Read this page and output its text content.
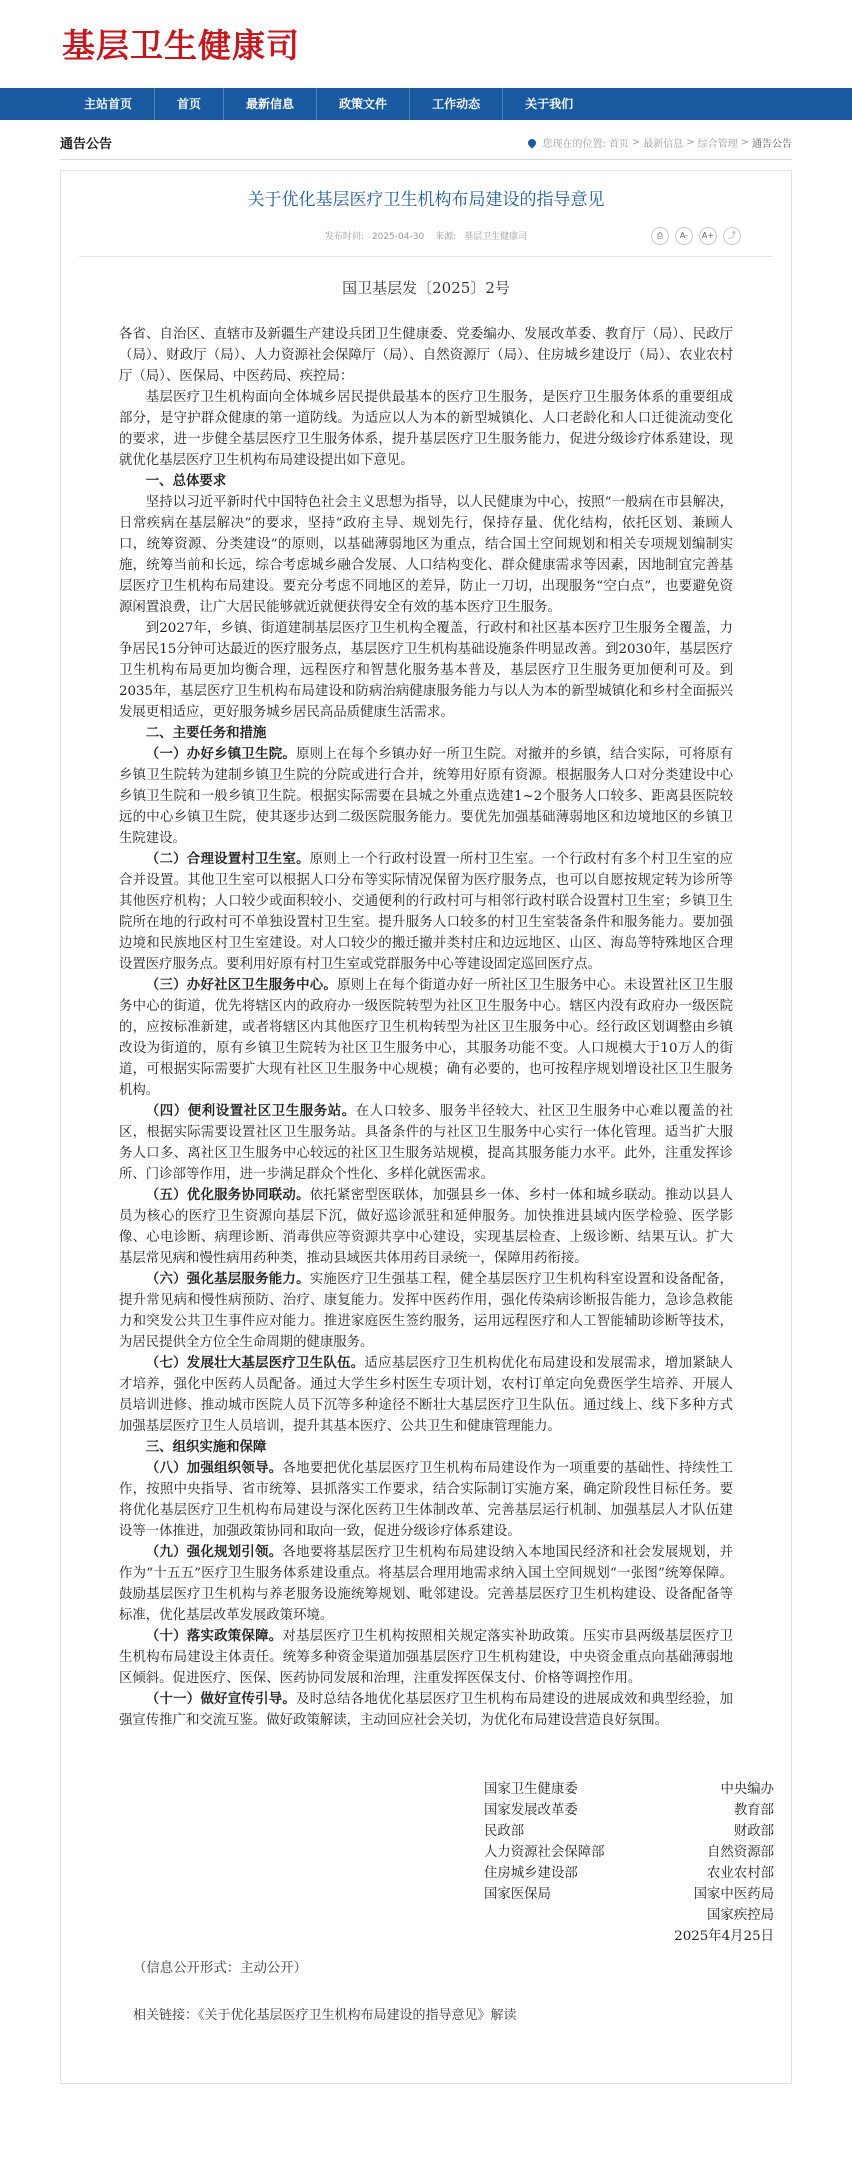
基层卫生健康司
主站首页	首页	最新信息	政策文件	工作动态	关于我们
通告公告	您现在的位置: 首页 > 最新信息 > 综合管理 > 通告公告
关于优化基层医疗卫生机构布局建设的指导意见
发布时间: 2025-04-30 来源: 基层卫生健康司	⎙	A-	A+	⤴
国卫基层发〔2025〕2号

各省、自治区、直辖市及新疆生产建设兵团卫生健康委、党委编办、发展改革委、教育厅（局）、民政厅（局）、财政厅（局）、人力资源社会保障厅（局）、自然资源厅（局）、住房城乡建设厅（局）、农业农村厅（局）、医保局、中医药局、疾控局：

基层医疗卫生机构面向全体城乡居民提供最基本的医疗卫生服务，是医疗卫生服务体系的重要组成部分，是守护群众健康的第一道防线。为适应以人为本的新型城镇化、人口老龄化和人口迁徙流动变化的要求，进一步健全基层医疗卫生服务体系，提升基层医疗卫生服务能力，促进分级诊疗体系建设，现就优化基层医疗卫生机构布局建设提出如下意见。

一、总体要求

坚持以习近平新时代中国特色社会主义思想为指导，以人民健康为中心，按照“一般病在市县解决，日常疾病在基层解决”的要求，坚持“政府主导、规划先行，保持存量、优化结构，依托区划、兼顾人口，统筹资源、分类建设”的原则，以基础薄弱地区为重点，结合国土空间规划和相关专项规划编制实施，统筹当前和长远，综合考虑城乡融合发展、人口结构变化、群众健康需求等因素，因地制宜完善基层医疗卫生机构布局建设。要充分考虑不同地区的差异，防止一刀切，出现服务“空白点”，也要避免资源闲置浪费，让广大居民能够就近就便获得安全有效的基本医疗卫生服务。

到2027年，乡镇、街道建制基层医疗卫生机构全覆盖，行政村和社区基本医疗卫生服务全覆盖，力争居民15分钟可达最近的医疗服务点，基层医疗卫生机构基础设施条件明显改善。到2030年，基层医疗卫生机构布局更加均衡合理，远程医疗和智慧化服务基本普及，基层医疗卫生服务更加便利可及。到2035年，基层医疗卫生机构布局建设和防病治病健康服务能力与以人为本的新型城镇化和乡村全面振兴发展更相适应，更好服务城乡居民高品质健康生活需求。

二、主要任务和措施

（一）办好乡镇卫生院。原则上在每个乡镇办好一所卫生院。对撤并的乡镇，结合实际，可将原有乡镇卫生院转为建制乡镇卫生院的分院或进行合并，统筹用好原有资源。根据服务人口对分类建设中心乡镇卫生院和一般乡镇卫生院。根据实际需要在县城之外重点选建1~2个服务人口较多、距离县医院较远的中心乡镇卫生院，使其逐步达到二级医院服务能力。要优先加强基础薄弱地区和边境地区的乡镇卫生院建设。

（二）合理设置村卫生室。原则上一个行政村设置一所村卫生室。一个行政村有多个村卫生室的应合并设置。其他卫生室可以根据人口分布等实际情况保留为医疗服务点，也可以自愿按规定转为诊所等其他医疗机构；人口较少或面积较小、交通便利的行政村可与相邻行政村联合设置村卫生室；乡镇卫生院所在地的行政村可不单独设置村卫生室。提升服务人口较多的村卫生室装备条件和服务能力。要加强边境和民族地区村卫生室建设。对人口较少的搬迁撤并类村庄和边远地区、山区、海岛等特殊地区合理设置医疗服务点。要利用好原有村卫生室或党群服务中心等建设固定巡回医疗点。

（三）办好社区卫生服务中心。原则上在每个街道办好一所社区卫生服务中心。未设置社区卫生服务中心的街道，优先将辖区内的政府办一级医院转型为社区卫生服务中心。辖区内没有政府办一级医院的，应按标准新建，或者将辖区内其他医疗卫生机构转型为社区卫生服务中心。经行政区划调整由乡镇改设为街道的，原有乡镇卫生院转为社区卫生服务中心，其服务功能不变。人口规模大于10万人的街道，可根据实际需要扩大现有社区卫生服务中心规模；确有必要的，也可按程序规划增设社区卫生服务机构。

（四）便利设置社区卫生服务站。在人口较多、服务半径较大、社区卫生服务中心难以覆盖的社区，根据实际需要设置社区卫生服务站。具备条件的与社区卫生服务中心实行一体化管理。适当扩大服务人口多、离社区卫生服务中心较远的社区卫生服务站规模，提高其服务能力水平。此外，注重发挥诊所、门诊部等作用，进一步满足群众个性化、多样化就医需求。

（五）优化服务协同联动。依托紧密型医联体，加强县乡一体、乡村一体和城乡联动。推动以县人员为核心的医疗卫生资源向基层下沉，做好巡诊派驻和延伸服务。加快推进县域内医学检验、医学影像、心电诊断、病理诊断、消毒供应等资源共享中心建设，实现基层检查、上级诊断、结果互认。扩大基层常见病和慢性病用药种类，推动县域医共体用药目录统一，保障用药衔接。

（六）强化基层服务能力。实施医疗卫生强基工程，健全基层医疗卫生机构科室设置和设备配备，提升常见病和慢性病预防、治疗、康复能力。发挥中医药作用，强化传染病诊断报告能力，急诊急救能力和突发公共卫生事件应对能力。推进家庭医生签约服务，运用远程医疗和人工智能辅助诊断等技术，为居民提供全方位全生命周期的健康服务。

（七）发展壮大基层医疗卫生队伍。适应基层医疗卫生机构优化布局建设和发展需求，增加紧缺人才培养，强化中医药人员配备。通过大学生乡村医生专项计划，农村订单定向免费医学生培养、开展人员培训进修、推动城市医院人员下沉等多种途径不断壮大基层医疗卫生队伍。通过线上、线下多种方式加强基层医疗卫生人员培训，提升其基本医疗、公共卫生和健康管理能力。

三、组织实施和保障

（八）加强组织领导。各地要把优化基层医疗卫生机构布局建设作为一项重要的基础性、持续性工作，按照中央指导、省市统筹、县抓落实工作要求，结合实际制订实施方案，确定阶段性目标任务。要将优化基层医疗卫生机构布局建设与深化医药卫生体制改革、完善基层运行机制、加强基层人才队伍建设等一体推进，加强政策协同和取向一致，促进分级诊疗体系建设。

（九）强化规划引领。各地要将基层医疗卫生机构布局建设纳入本地国民经济和社会发展规划，并作为“十五五”医疗卫生服务体系建设重点。将基层合理用地需求纳入国土空间规划“一张图”统筹保障。鼓励基层医疗卫生机构与养老服务设施统筹规划、毗邻建设。完善基层医疗卫生机构建设、设备配备等标准，优化基层改革发展政策环境。

（十）落实政策保障。对基层医疗卫生机构按照相关规定落实补助政策。压实市县两级基层医疗卫生机构布局建设主体责任。统筹多种资金渠道加强基层医疗卫生机构建设，中央资金重点向基础薄弱地区倾斜。促进医疗、医保、医药协同发展和治理，注重发挥医保支付、价格等调控作用。

（十一）做好宣传引导。及时总结各地优化基层医疗卫生机构布局建设的进展成效和典型经验，加强宣传推广和交流互鉴。做好政策解读，主动回应社会关切，为优化布局建设营造良好氛围。

国家卫生健康委	中央编办
国家发展改革委	教育部
民政部	财政部
人力资源社会保障部	自然资源部
住房城乡建设部	农业农村部
国家医保局	国家中医药局
国家疾控局
2025年4月25日
（信息公开形式：主动公开）
相关链接：《关于优化基层医疗卫生机构布局建设的指导意见》解读
